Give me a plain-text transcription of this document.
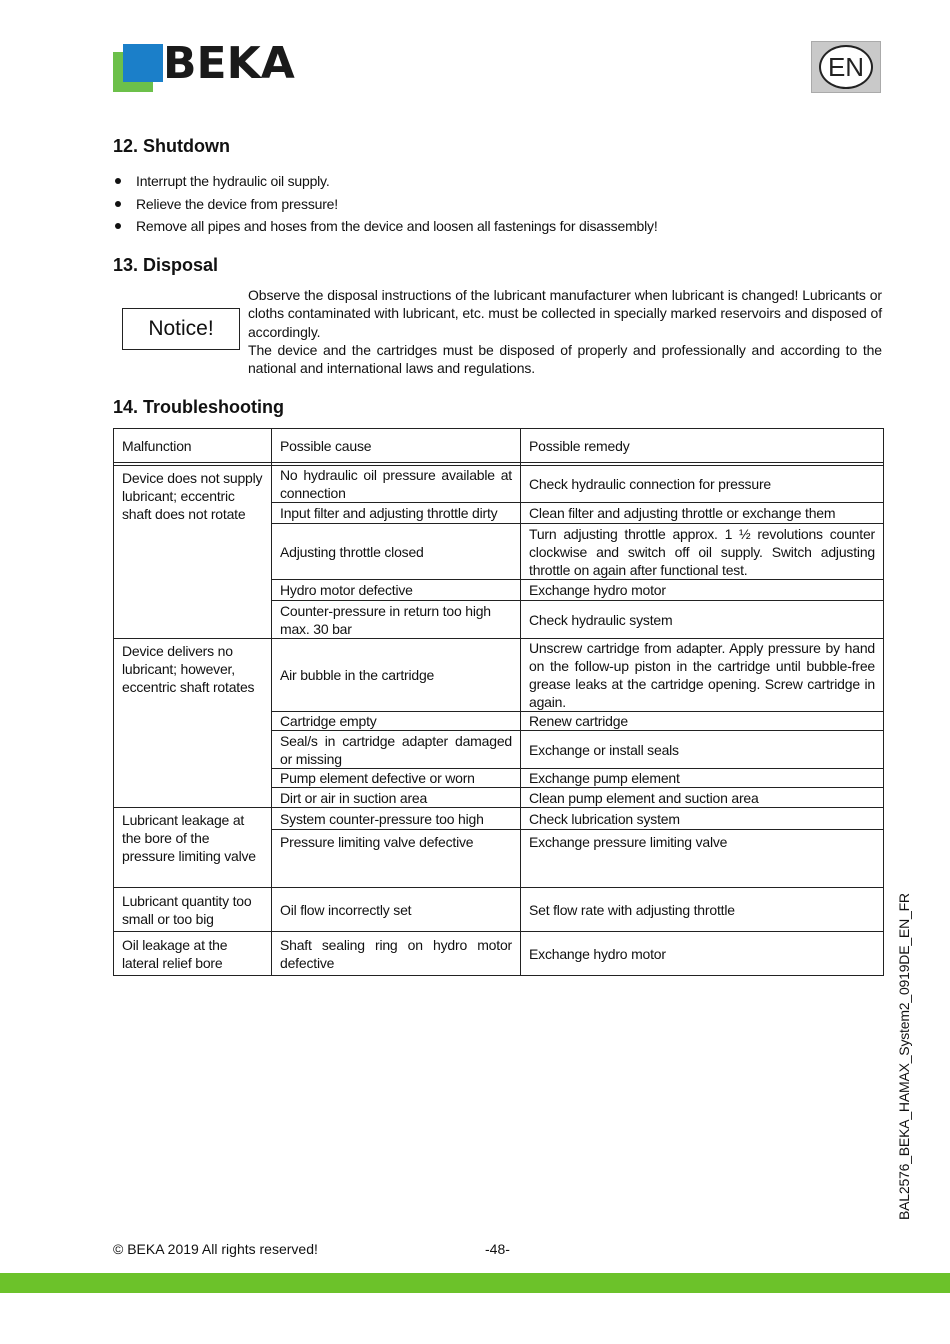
BEKA	EN
12. Shutdown
Interrupt the hydraulic oil supply.
Relieve the device from pressure!
Remove all pipes and hoses from the device and loosen all fastenings for disassembly!
13. Disposal
Notice!

Observe the disposal instructions of the lubricant manufacturer when lubricant is changed! Lubricants or cloths contaminated with lubricant, etc. must be collected in specially marked reservoirs and disposed of accordingly.

The device and the cartridges must be disposed of properly and professionally and according to the national and international laws and regulations.

14. Troubleshooting
Malfunction	Possible cause	Possible remedy

Device does not supply lubricant; eccentric shaft does not rotate	No hydraulic oil pressure available at connection	Check hydraulic connection for pressure
	Input filter and adjusting throttle dirty	Clean filter and adjusting throttle or exchange them
	Adjusting throttle closed	Turn adjusting throttle approx. 1 ½ revolutions counter clockwise and switch off oil supply. Switch adjusting throttle on again after functional test.
	Hydro motor defective	Exchange hydro motor
	Counter-pressure in return too high max. 30 bar	Check hydraulic system
Device delivers no lubricant; however, eccentric shaft rotates	Air bubble in the cartridge	Unscrew cartridge from adapter. Apply pressure by hand on the follow-up piston in the cartridge until bubble-free grease leaks at the cartridge opening. Screw cartridge in again.
	Cartridge empty	Renew cartridge
	Seal/s in cartridge adapter damaged or missing	Exchange or install seals
	Pump element defective or worn	Exchange pump element
	Dirt or air in suction area	Clean pump element and suction area
Lubricant leakage at the bore of the pressure limiting valve	System counter-pressure too high	Check lubrication system
	Pressure limiting valve defective	Exchange pressure limiting valve
Lubricant quantity too small or too big	Oil flow incorrectly set	Set flow rate with adjusting throttle
Oil leakage at the lateral relief bore	Shaft sealing ring on hydro motor defective	Exchange hydro motor	BAL2576_BEKA_HAMAX_System2_0919DE_EN_FR
© BEKA 2019 All rights reserved!	-48-
